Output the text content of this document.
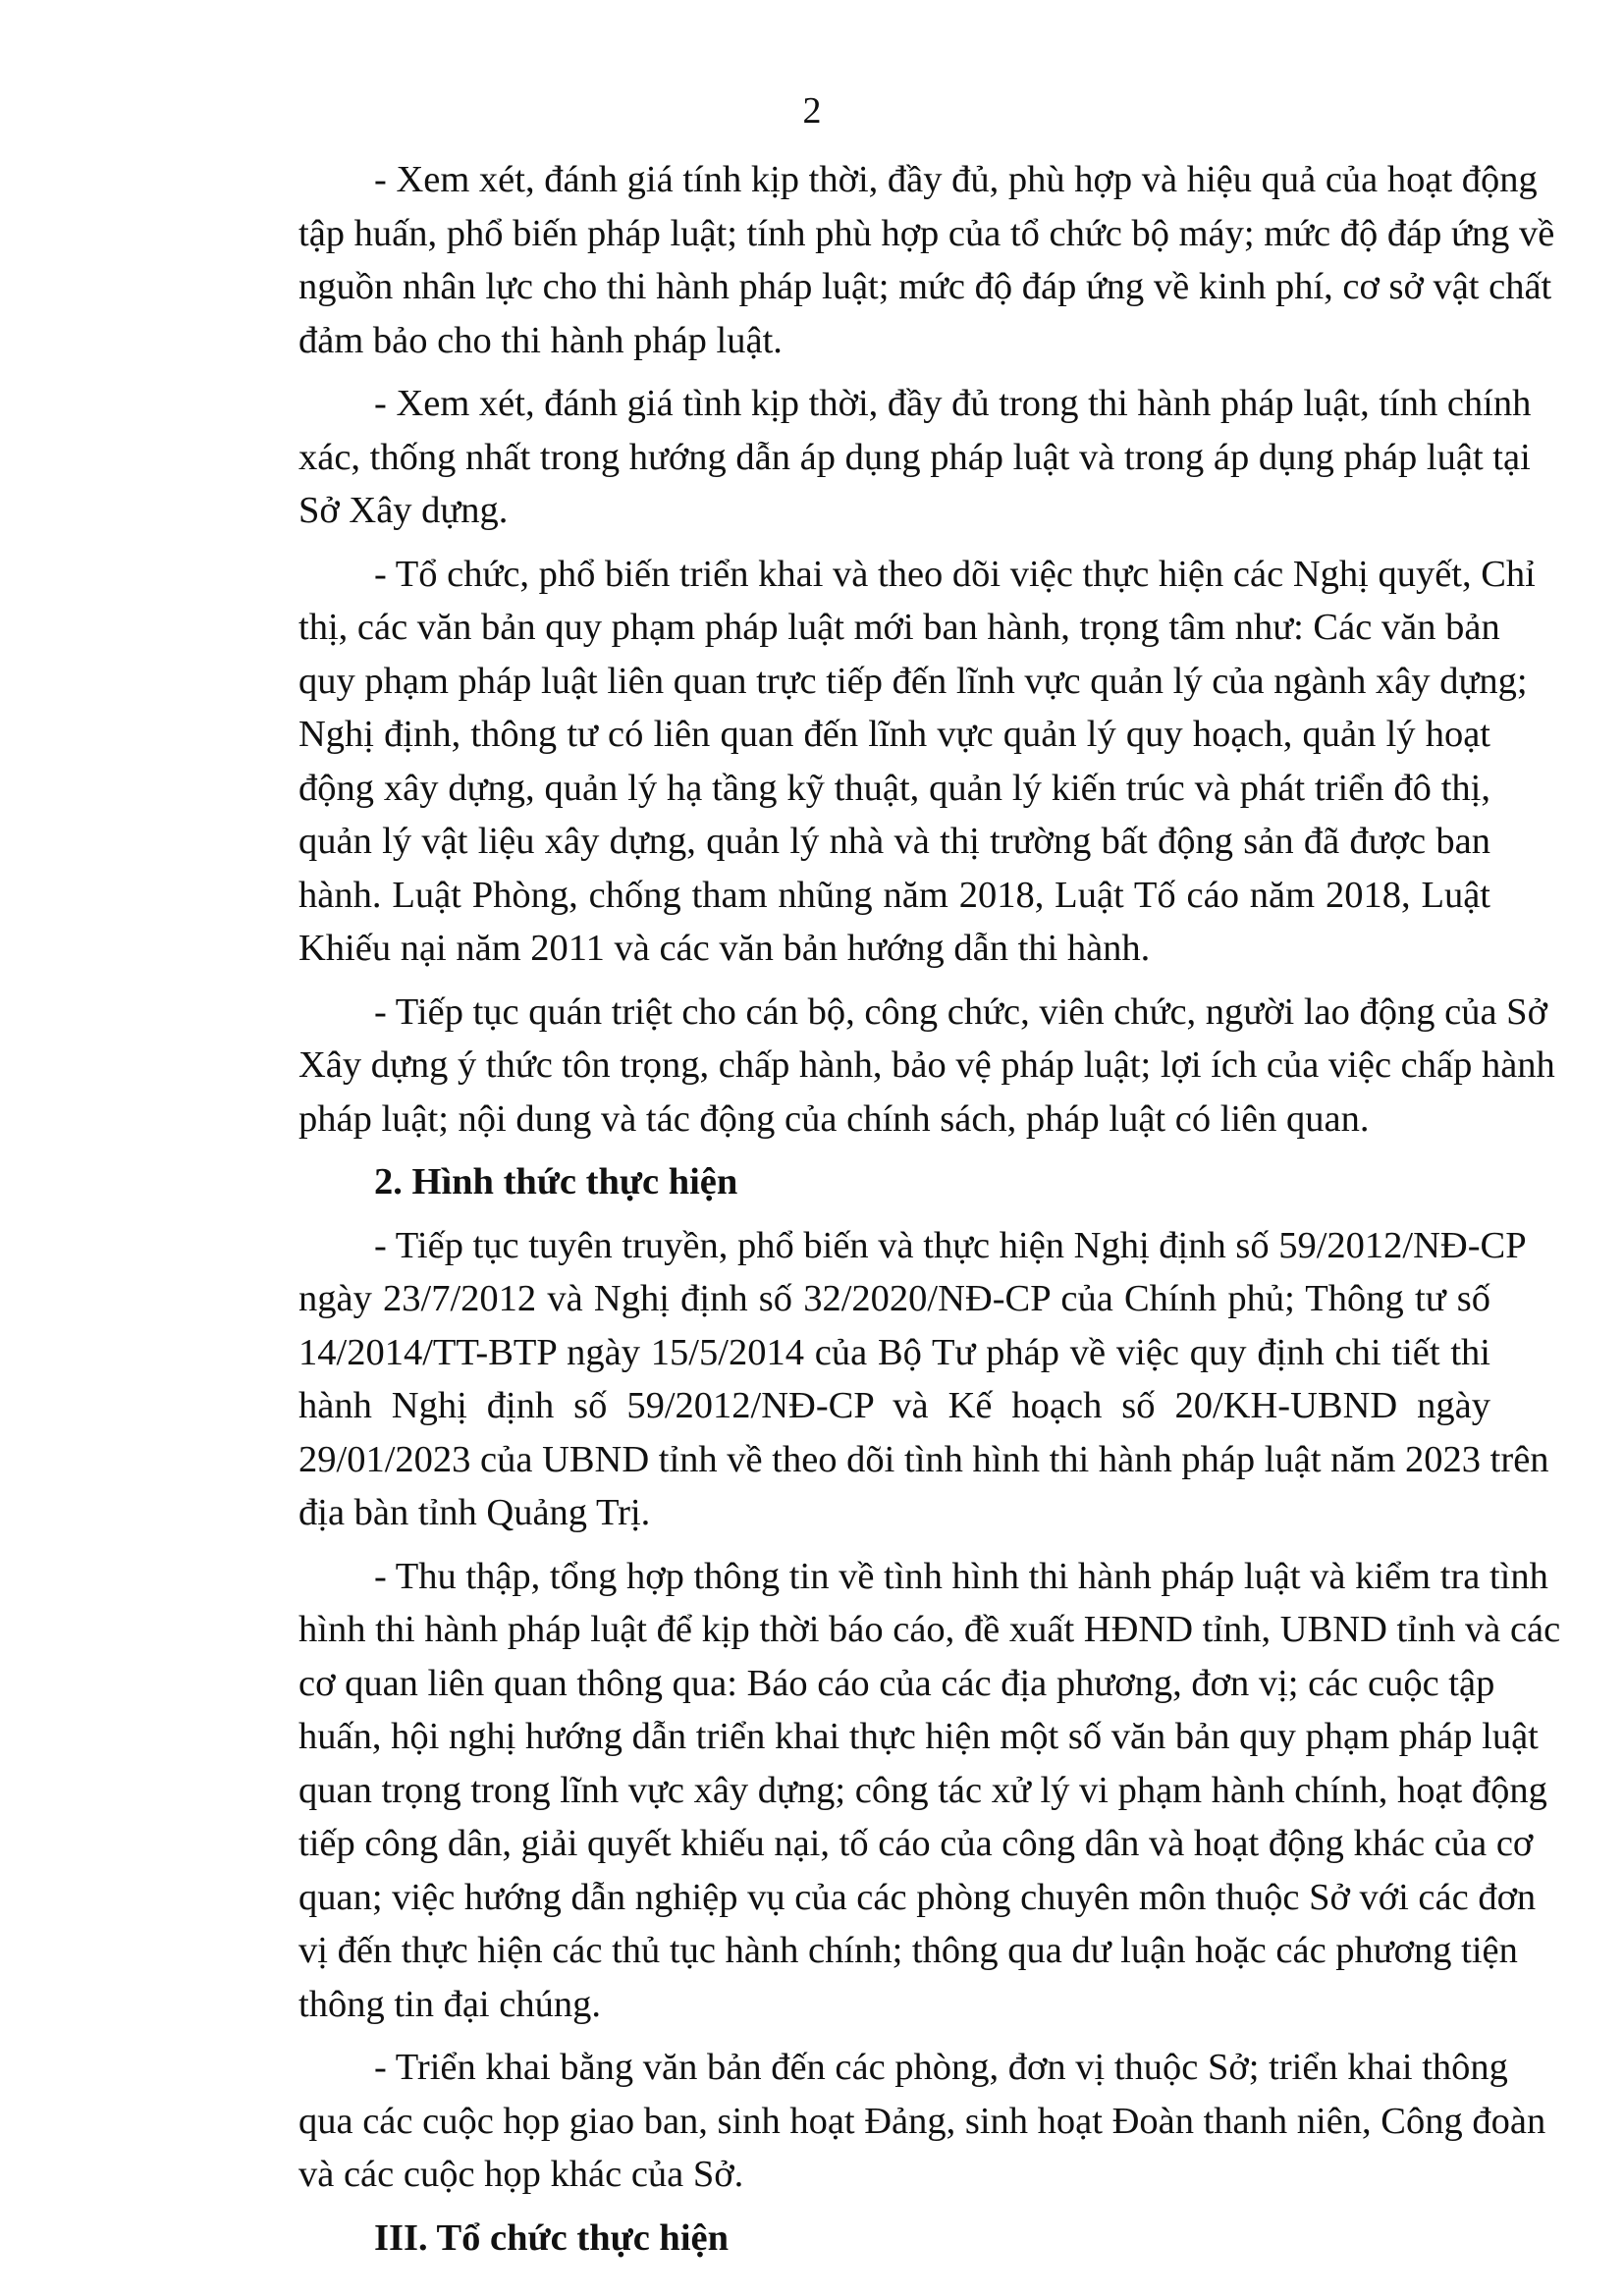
2
- Xem xét, đánh giá tính kịp thời, đầy đủ, phù hợp và hiệu quả của hoạt động
tập huấn, phổ biến pháp luật; tính phù hợp của tổ chức bộ máy; mức độ đáp ứng về
nguồn nhân lực cho thi hành pháp luật; mức độ đáp ứng về kinh phí, cơ sở vật chất
đảm bảo cho thi hành pháp luật.
- Xem xét, đánh giá tình kịp thời, đầy đủ trong thi hành pháp luật, tính chính
xác, thống nhất trong hướng dẫn áp dụng pháp luật và trong áp dụng pháp luật tại
Sở Xây dựng.
- Tổ chức, phổ biến triển khai và theo dõi việc thực hiện các Nghị quyết, Chỉ
thị, các văn bản quy phạm pháp luật mới ban hành, trọng tâm như: Các văn bản
quy phạm pháp luật liên quan trực tiếp đến lĩnh vực quản lý của ngành xây dựng;
Nghị định, thông tư có liên quan đến lĩnh vực quản lý quy hoạch, quản lý hoạt
động xây dựng, quản lý hạ tầng kỹ thuật, quản lý kiến trúc và phát triển đô thị,
quản lý vật liệu xây dựng, quản lý nhà và thị trường bất động sản đã được ban
hành. Luật Phòng, chống tham nhũng năm 2018, Luật Tố cáo năm 2018, Luật
Khiếu nại năm 2011 và các văn bản hướng dẫn thi hành.
- Tiếp tục quán triệt cho cán bộ, công chức, viên chức, người lao động của Sở
Xây dựng ý thức tôn trọng, chấp hành, bảo vệ pháp luật; lợi ích của việc chấp hành
pháp luật; nội dung và tác động của chính sách, pháp luật có liên quan.
2. Hình thức thực hiện
- Tiếp tục tuyên truyền, phổ biến và thực hiện Nghị định số 59/2012/NĐ-CP
ngày 23/7/2012 và Nghị định số 32/2020/NĐ-CP của Chính phủ; Thông tư số
14/2014/TT-BTP ngày 15/5/2014 của Bộ Tư pháp về việc quy định chi tiết thi
hành Nghị định số 59/2012/NĐ-CP và Kế hoạch số 20/KH-UBND ngày
29/01/2023 của UBND tỉnh về theo dõi tình hình thi hành pháp luật năm 2023 trên
địa bàn tỉnh Quảng Trị.
- Thu thập, tổng hợp thông tin về tình hình thi hành pháp luật và kiểm tra tình
hình thi hành pháp luật để kịp thời báo cáo, đề xuất HĐND tỉnh, UBND tỉnh và các
cơ quan liên quan thông qua: Báo cáo của các địa phương, đơn vị; các cuộc tập
huấn, hội nghị hướng dẫn triển khai thực hiện một số văn bản quy phạm pháp luật
quan trọng trong lĩnh vực xây dựng; công tác xử lý vi phạm hành chính, hoạt động
tiếp công dân, giải quyết khiếu nại, tố cáo của công dân và hoạt động khác của cơ
quan; việc hướng dẫn nghiệp vụ của các phòng chuyên môn thuộc Sở với các đơn
vị đến thực hiện các thủ tục hành chính; thông qua dư luận hoặc các phương tiện
thông tin đại chúng.
- Triển khai bằng văn bản đến các phòng, đơn vị thuộc Sở; triển khai thông
qua các cuộc họp giao ban, sinh hoạt Đảng, sinh hoạt Đoàn thanh niên, Công đoàn
và các cuộc họp khác của Sở.
III. Tổ chức thực hiện
